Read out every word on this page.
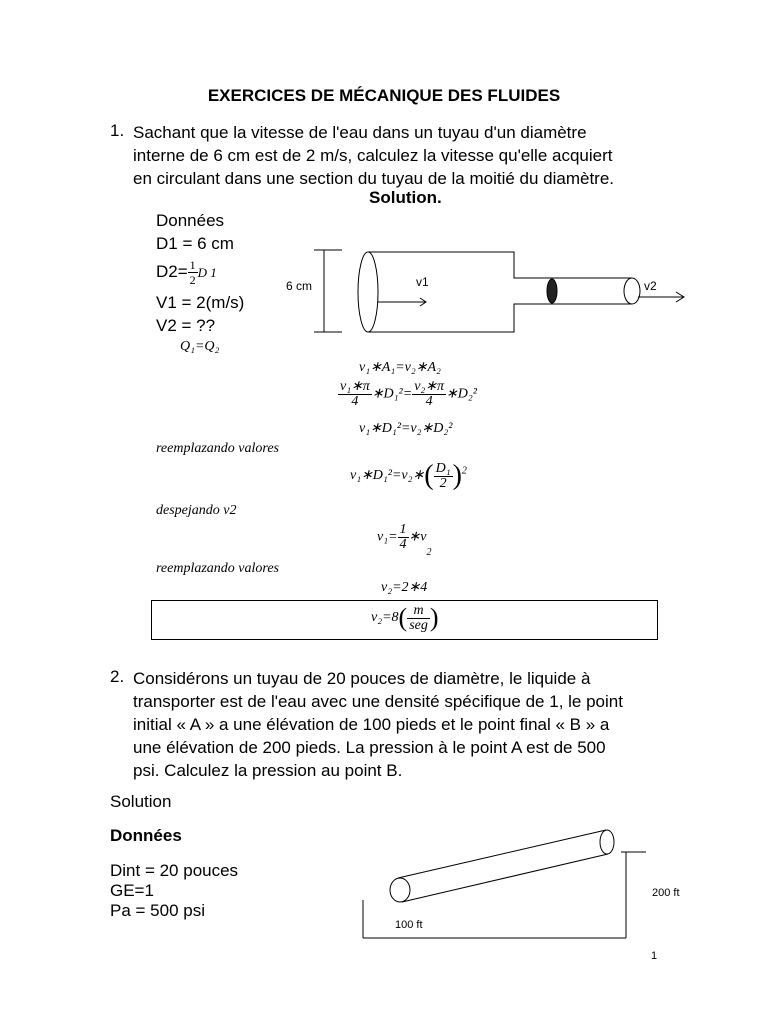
EXERCICES DE MÉCANIQUE DES FLUIDES
1. Sachant que la vitesse de l'eau dans un tuyau d'un diamètre
interne de 6 cm est de 2 m/s, calculez la vitesse qu'elle acquiert
en circulant dans une section du tuyau de la moitié du diamètre.
Solution.
Données
D1 = 6 cm
$D2= \frac{1}{2}$ D 1
V1 = 2(m/s)
V2 = ??
6 cm	v1	v2
Q₁=Q₂
v₁∗A₁=v₂∗A₂
$\frac{\text{v₁∗π}}{4}$ ∗D₁²= $\frac{\text{v₂∗π}}{4}$ ∗D₂²
v₁∗D₁²=v₂∗D₂²
reemplazando valores
v₁∗D₁²=v₂∗( $\frac{\text{D₁}}{2} )^2$
despejando v2
$v_1= \frac{1}{4}$ $∗v_2$
reemplazando valores
v₂=2∗4
$v_2=8( \frac{m}{\text{seg}}$ )
2. Considérons un tuyau de 20 pouces de diamètre, le liquide à
transporter est de l'eau avec une densité spécifique de 1, le point
initial « A » a une élévation de 100 pieds et le point final « B » a
une élévation de 200 pieds. La pression à le point A est de 500
psi. Calculez la pression au point B.
Solution
Données
Dint = 20 pouces
GE=1
Pa = 500 psi
100 ft
200 ft
1
